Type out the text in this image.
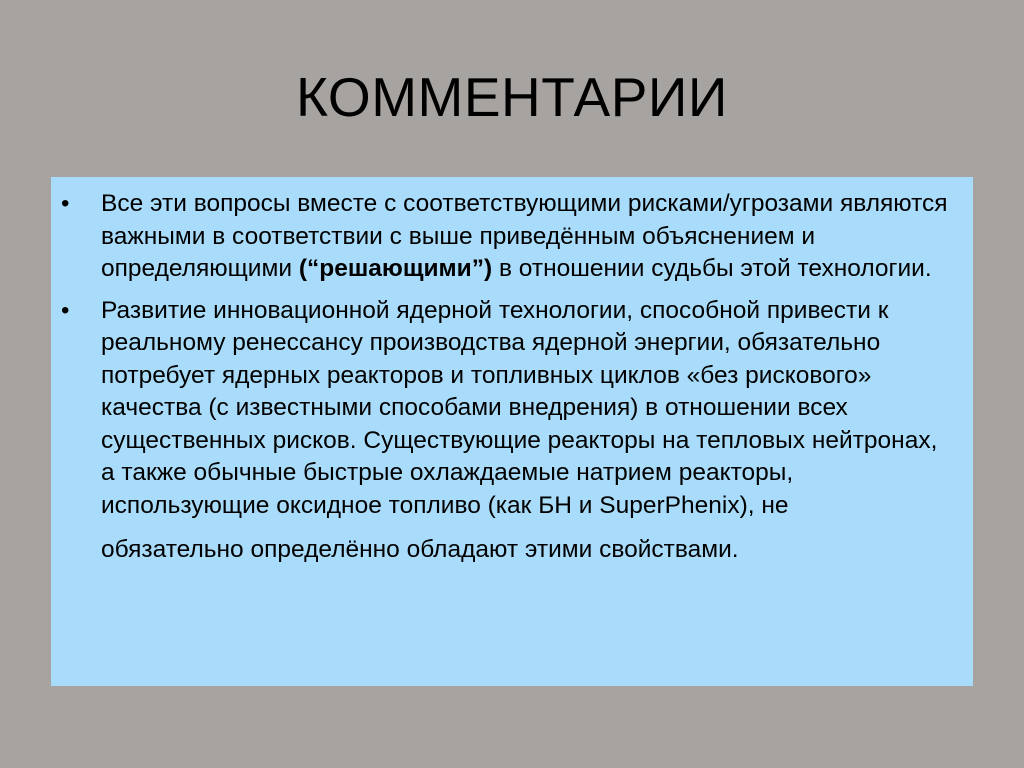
КОММЕНТАРИИ
•	Все эти вопросы вместе с соответствующими рисками/угрозами являются важными в соответствии с выше приведённым объяснением и определяющими (“решающими”) в отношении судьбы этой технологии.
•	Развитие инновационной ядерной технологии, способной привести к реальному ренессансу производства ядерной энергии, обязательно потребует ядерных реакторов и топливных циклов «без рискового» качества (с известными способами внедрения) в отношении всех существенных рисков. Существующие реакторы на тепловых нейтронах, а также обычные быстрые охлаждаемые натрием реакторы, использующие оксидное топливо (как БН и SuperPhenix), не
обязательно определённо обладают этими свойствами.
